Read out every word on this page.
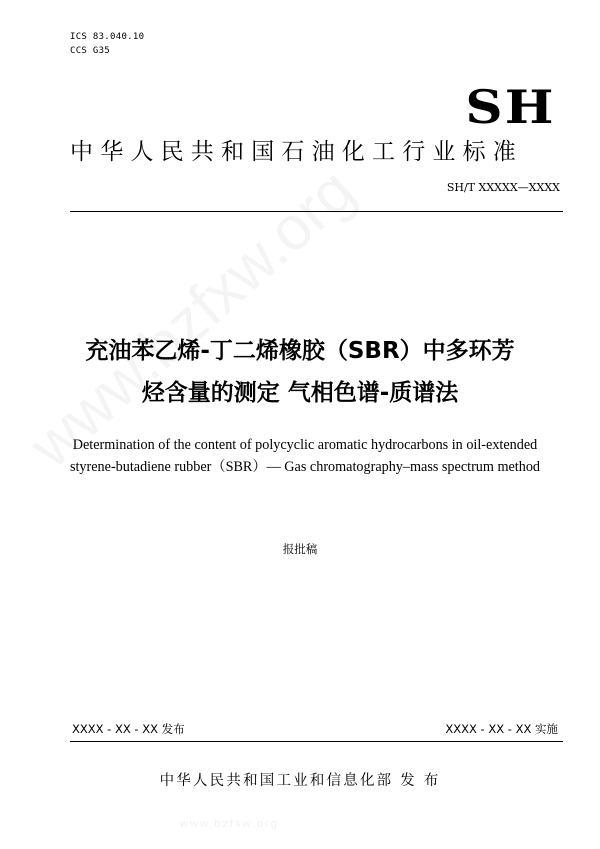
ICS 83.040.10
CCS G35
SH
中华人民共和国石油化工行业标准
SH/T XXXXX—XXXX
充油苯乙烯-丁二烯橡胶（SBR）中多环芳
烃含量的测定 气相色谱-质谱法
Determination of the content of polycyclic aromatic hydrocarbons in oil-extended
styrene-butadiene rubber（SBR）— Gas chromatography–mass spectrum method
报批稿
XXXX - XX - XX 发布	XXXX - XX - XX 实施
中华人民共和国工业和信息化部 发 布
www.bzfxw.org
